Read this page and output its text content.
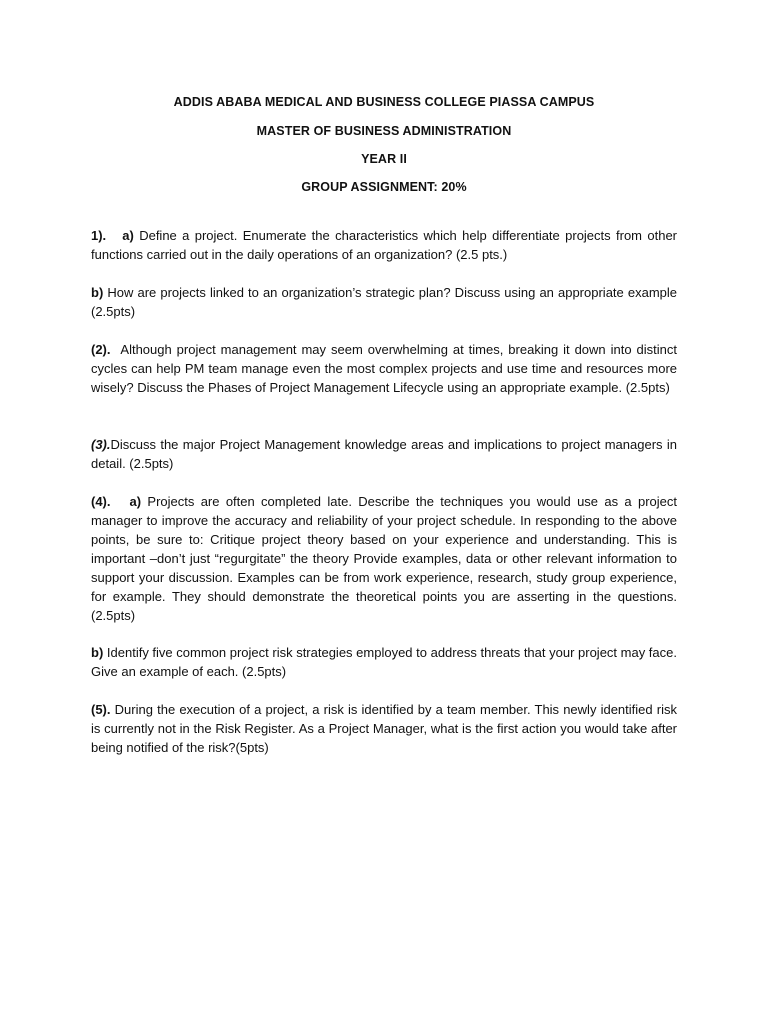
ADDIS ABABA MEDICAL AND BUSINESS COLLEGE PIASSA CAMPUS
MASTER OF BUSINESS ADMINISTRATION
YEAR II
GROUP ASSIGNMENT: 20%
1). a) Define a project. Enumerate the characteristics which help differentiate projects from other functions carried out in the daily operations of an organization? (2.5 pts.)
b) How are projects linked to an organization’s strategic plan? Discuss using an appropriate example (2.5pts)
(2). Although project management may seem overwhelming at times, breaking it down into distinct cycles can help PM team manage even the most complex projects and use time and resources more wisely? Discuss the Phases of Project Management Lifecycle using an appropriate example. (2.5pts)
(3).Discuss the major Project Management knowledge areas and implications to project managers in detail. (2.5pts)
(4). a) Projects are often completed late. Describe the techniques you would use as a project manager to improve the accuracy and reliability of your project schedule. In responding to the above points, be sure to: Critique project theory based on your experience and understanding. This is important –don’t just “regurgitate” the theory Provide examples, data or other relevant information to support your discussion. Examples can be from work experience, research, study group experience, for example. They should demonstrate the theoretical points you are asserting in the questions. (2.5pts)
b) Identify five common project risk strategies employed to address threats that your project may face. Give an example of each. (2.5pts)
(5). During the execution of a project, a risk is identified by a team member. This newly identified risk is currently not in the Risk Register. As a Project Manager, what is the first action you would take after being notified of the risk?(5pts)
